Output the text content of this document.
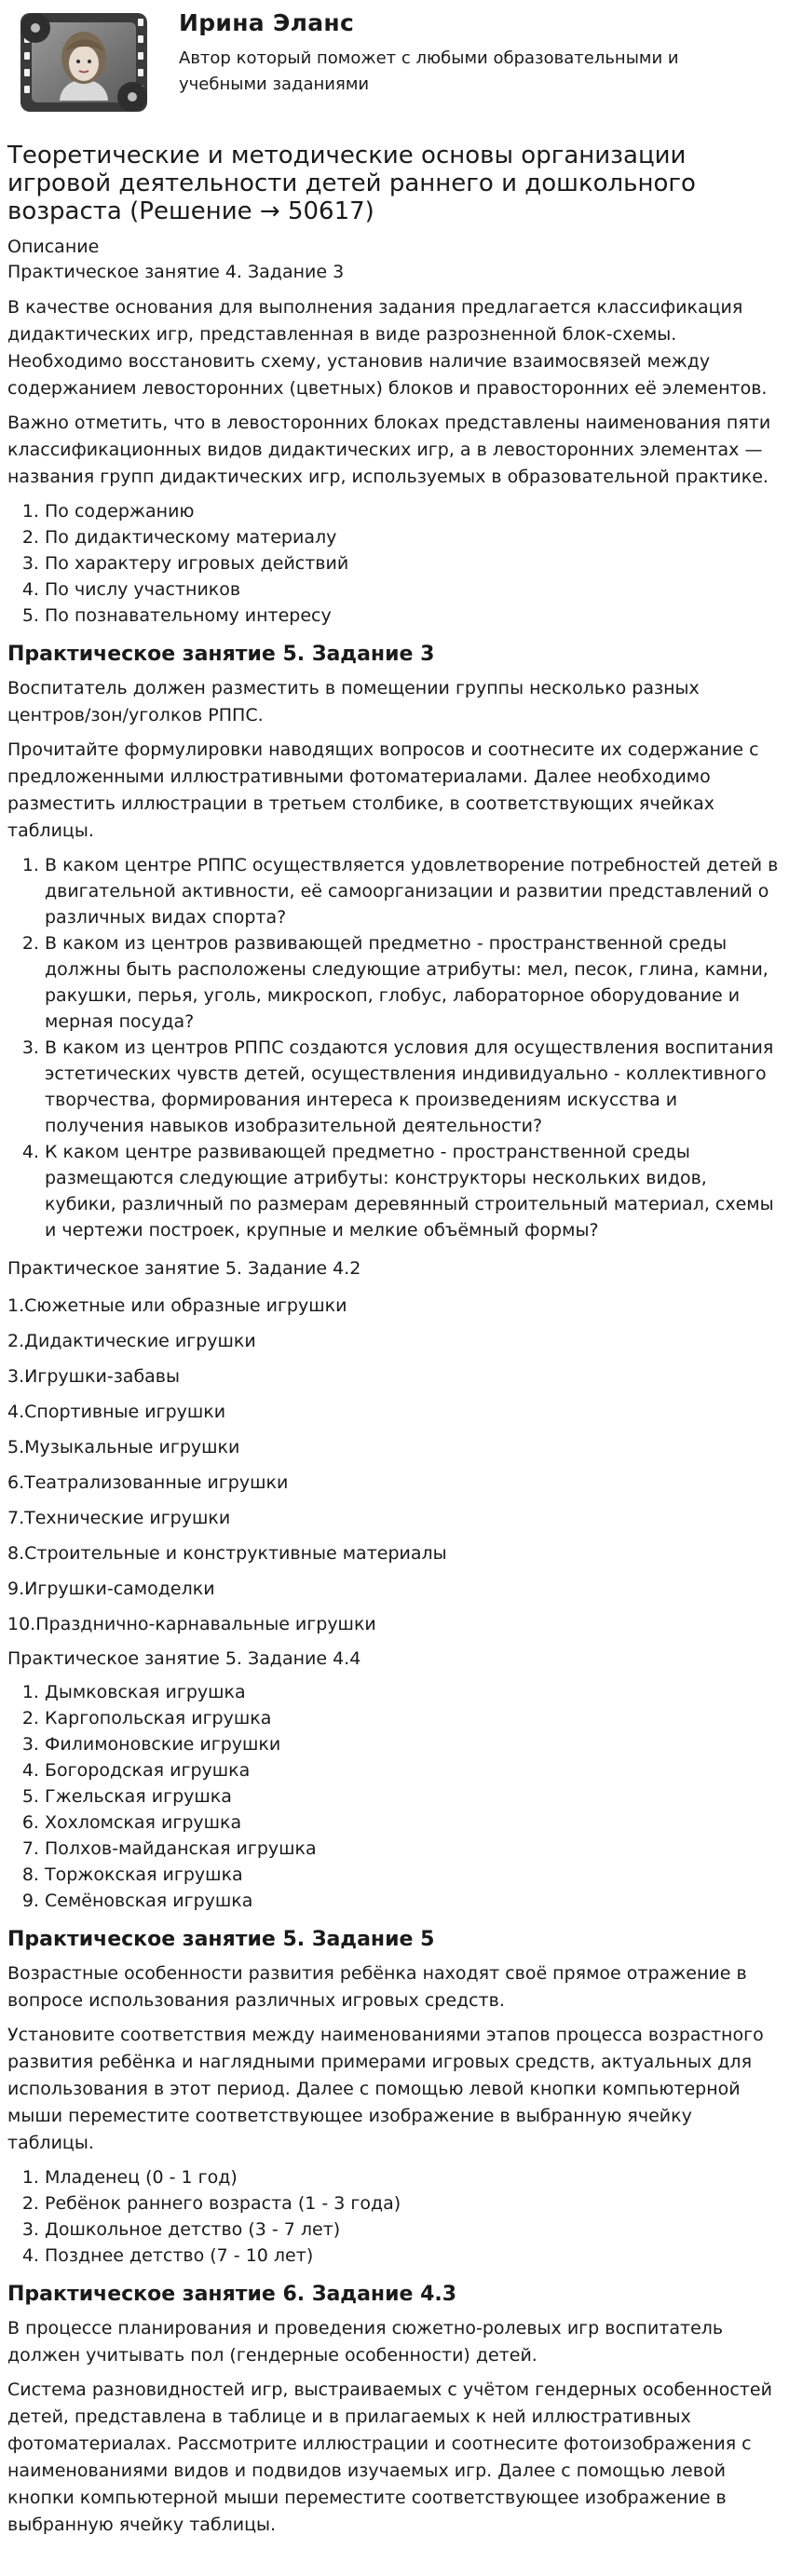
Ирина Эланс

Автор который поможет с любыми образовательными и учебными заданиями

Теоретические и методические основы организации игровой деятельности детей раннего и дошкольного возраста (Решение → 50617)

Описание

Практическое занятие 4. Задание 3

В качестве основания для выполнения задания предлагается классификация дидактических игр, представленная в виде разрозненной блок-схемы. Необходимо восстановить схему, установив наличие взаимосвязей между содержанием левосторонних (цветных) блоков и правосторонних её элементов.

Важно отметить, что в левосторонних блоках представлены наименования пяти классификационных видов дидактических игр, а в левосторонних элементах — названия групп дидактических игр, используемых в образовательной практике.

1. По содержанию
2. По дидактическому материалу
3. По характеру игровых действий
4. По числу участников
5. По познавательному интересу
Практическое занятие 5. Задание 3

Воспитатель должен разместить в помещении группы несколько разных центров/зон/уголков РППС.

Прочитайте формулировки наводящих вопросов и соотнесите их содержание с предложенными иллюстративными фотоматериалами. Далее необходимо разместить иллюстрации в третьем столбике, в соответствующих ячейках таблицы.

1. В каком центре РППС осуществляется удовлетворение потребностей детей в двигательной активности, её самоорганизации и развитии представлений о различных видах спорта?
2. В каком из центров развивающей предметно - пространственной среды должны быть расположены следующие атрибуты: мел, песок, глина, камни, ракушки, перья, уголь, микроскоп, глобус, лабораторное оборудование и мерная посуда?
3. В каком из центров РППС создаются условия для осуществления воспитания эстетических чувств детей, осуществления индивидуально - коллективного творчества, формирования интереса к произведениям искусства и получения навыков изобразительной деятельности?
4. К каком центре развивающей предметно - пространственной среды размещаются следующие атрибуты: конструкторы нескольких видов, кубики, различный по размерам деревянный строительный материал, схемы и чертежи построек, крупные и мелкие объёмный формы?

Практическое занятие 5. Задание 4.2

1.Сюжетные или образные игрушки

2.Дидактические игрушки

3.Игрушки-забавы

4.Спортивные игрушки

5.Музыкальные игрушки

6.Театрализованные игрушки

7.Технические игрушки

8.Строительные и конструктивные материалы

9.Игрушки-самоделки

10.Празднично-карнавальные игрушки

Практическое занятие 5. Задание 4.4

1. Дымковская игрушка
2. Каргопольская игрушка
3. Филимоновские игрушки
4. Богородская игрушка
5. Гжельская игрушка
6. Хохломская игрушка
7. Полхов-майданская игрушка
8. Торжокская игрушка
9. Семёновская игрушка
Практическое занятие 5. Задание 5

Возрастные особенности развития ребёнка находят своё прямое отражение в вопросе использования различных игровых средств.

Установите соответствия между наименованиями этапов процесса возрастного развития ребёнка и наглядными примерами игровых средств, актуальных для использования в этот период. Далее с помощью левой кнопки компьютерной мыши переместите соответствующее изображение в выбранную ячейку таблицы.

1. Младенец (0 - 1 год)
2. Ребёнок раннего возраста (1 - 3 года)
3. Дошкольное детство (3 - 7 лет)
4. Позднее детство (7 - 10 лет)
Практическое занятие 6. Задание 4.3

В процессе планирования и проведения сюжетно-ролевых игр воспитатель должен учитывать пол (гендерные особенности) детей.

Система разновидностей игр, выстраиваемых с учётом гендерных особенностей детей, представлена в таблице и в прилагаемых к ней иллюстративных фотоматериалах. Рассмотрите иллюстрации и соотнесите фотоизображения с наименованиями видов и подвидов изучаемых игр. Далее с помощью левой кнопки компьютерной мыши переместите соответствующее изображение в выбранную ячейку таблицы.
